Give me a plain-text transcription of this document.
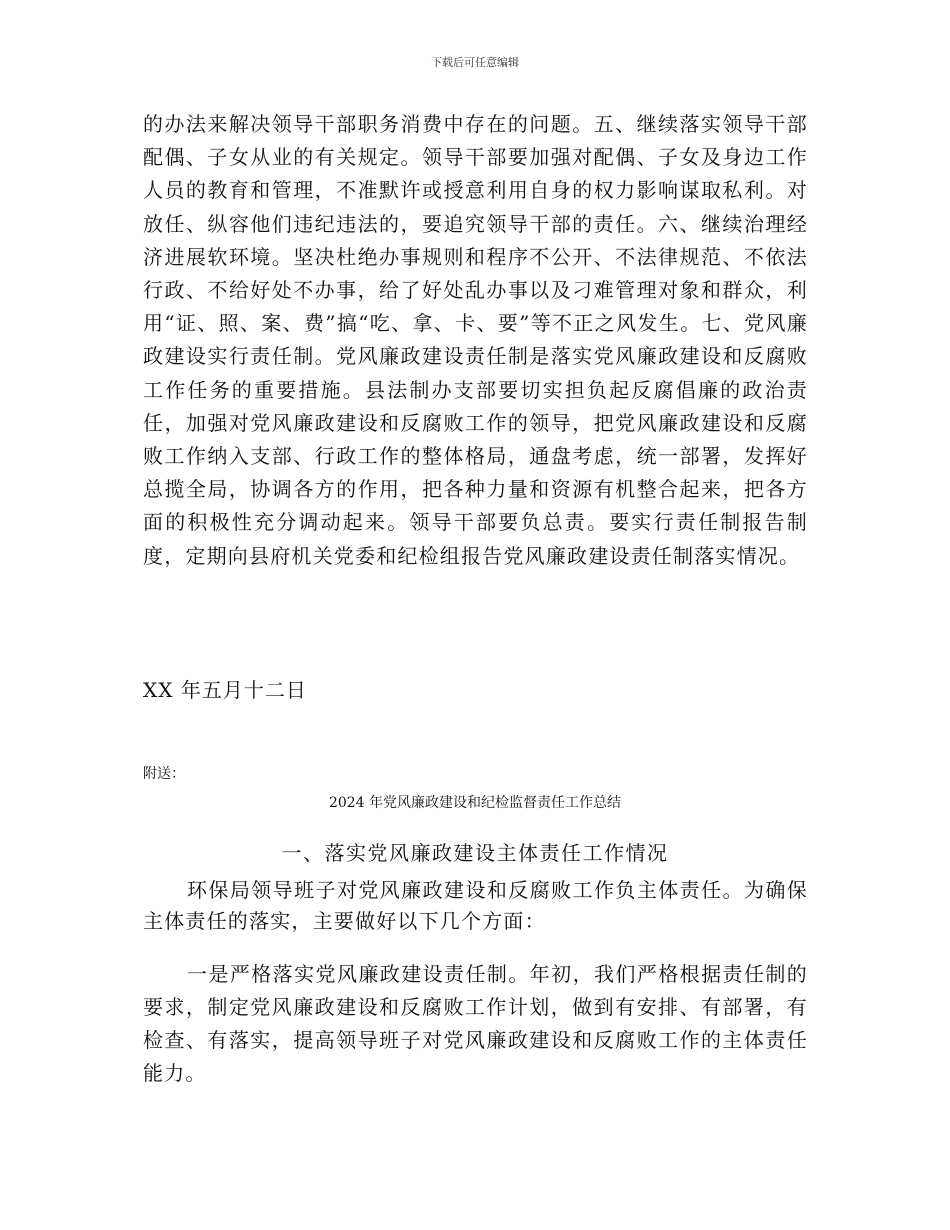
下载后可任意编辑

的办法来解决领导干部职务消费中存在的问题。五、继续落实领导干部配偶、子女从业的有关规定。领导干部要加强对配偶、子女及身边工作人员的教育和管理，不准默许或授意利用自身的权力影响谋取私利。对放任、纵容他们违纪违法的，要追究领导干部的责任。六、继续治理经济进展软环境。坚决杜绝办事规则和程序不公开、不法律规范、不依法行政、不给好处不办事，给了好处乱办事以及刁难管理对象和群众，利用“证、照、案、费”搞“吃、拿、卡、要”等不正之风发生。七、党风廉政建设实行责任制。党风廉政建设责任制是落实党风廉政建设和反腐败工作任务的重要措施。县法制办支部要切实担负起反腐倡廉的政治责任，加强对党风廉政建设和反腐败工作的领导，把党风廉政建设和反腐败工作纳入支部、行政工作的整体格局，通盘考虑，统一部署，发挥好总揽全局，协调各方的作用，把各种力量和资源有机整合起来，把各方面的积极性充分调动起来。领导干部要负总责。要实行责任制报告制度，定期向县府机关党委和纪检组报告党风廉政建设责任制落实情况。

XX 年五月十二日

附送：

2024 年党风廉政建设和纪检监督责任工作总结

一、落实党风廉政建设主体责任工作情况

环保局领导班子对党风廉政建设和反腐败工作负主体责任。为确保主体责任的落实，主要做好以下几个方面：

一是严格落实党风廉政建设责任制。年初，我们严格根据责任制的要求，制定党风廉政建设和反腐败工作计划，做到有安排、有部署，有检查、有落实，提高领导班子对党风廉政建设和反腐败工作的主体责任能力。
